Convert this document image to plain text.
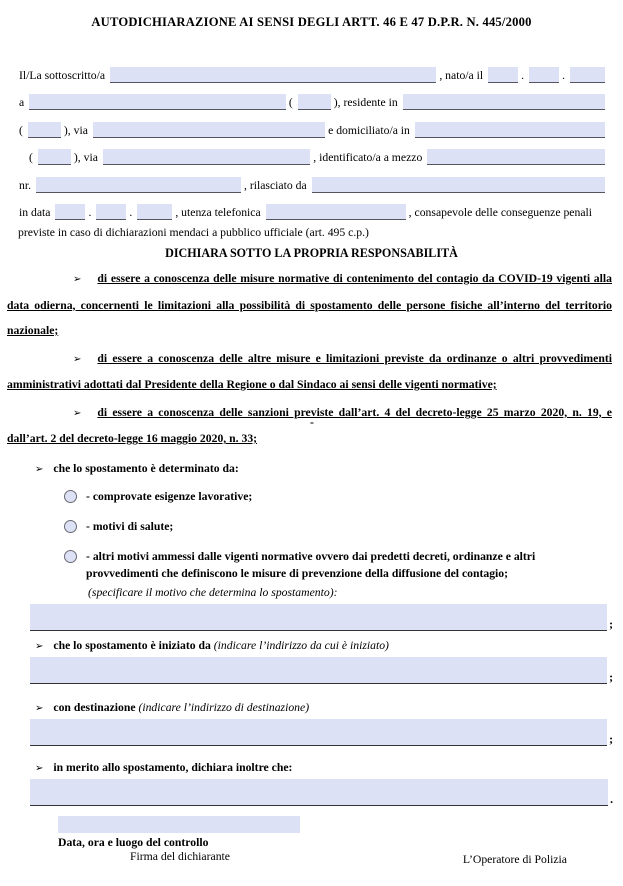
AUTODICHIARAZIONE AI SENSI DEGLI ARTT. 46 E 47 D.P.R. N. 445/2000
Il/La sottoscritto/a	, nato/a il	.	.
a	(	), residente in
(	), via	e domiciliato/a in
(	), via	, identificato/a a mezzo
nr.	, rilasciato da
in data	.	.	, utenza telefonica	, consapevole delle conseguenze penali
previste in caso di dichiarazioni mendaci a pubblico ufficiale (art. 495 c.p.)
DICHIARA SOTTO LA PROPRIA RESPONSABILITÀ

➢ di essere a conoscenza delle misure normative di contenimento del contagio da COVID-19 vigenti alla data odierna, concernenti le limitazioni alla possibilità di spostamento delle persone fisiche all’interno del territorio nazionale;

➢ di essere a conoscenza delle altre misure e limitazioni previste da ordinanze o altri provvedimenti amministrativi adottati dal Presidente della Regione o dal Sindaco ai sensi delle vigenti normative;

➢ di essere a conoscenza delle sanzioni previste dall’art. 4 del decreto-legge 25 marzo 2020, n. 19, e dall’art. 2 del decreto-legge 16 maggio 2020, n. 33;

-
➢ che lo spostamento è determinato da:
- comprovate esigenze lavorative;
- motivi di salute;
- altri motivi ammessi dalle vigenti normative ovvero dai predetti decreti, ordinanze e altri provvedimenti che definiscono le misure di prevenzione della diffusione del contagio;
(specificare il motivo che determina lo spostamento):
;
➢ che lo spostamento è iniziato da (indicare l’indirizzo da cui è iniziato)
;
➢ con destinazione (indicare l’indirizzo di destinazione)
;
➢ in merito allo spostamento, dichiara inoltre che:
.
Data, ora e luogo del controllo
Firma del dichiarante	L’Operatore di Polizia
